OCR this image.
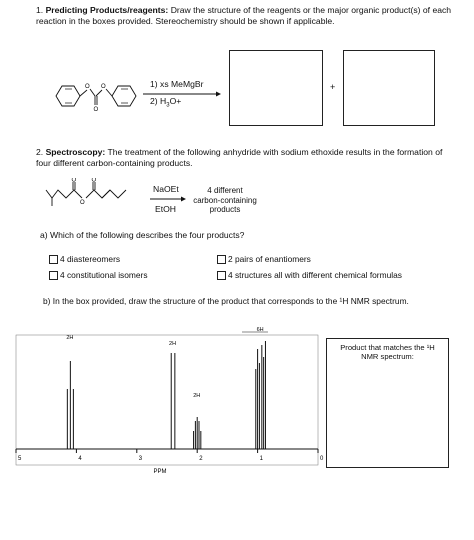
1. Predicting Products/reagents: Draw the structure of the reagents or the major organic product(s) of each reaction in the boxes provided. Stereochemistry should be shown if applicable.
O
O
O	1) xs MeMgBr
2) $H_3O+$
+
2. Spectroscopy: The treatment of the following anhydride with sodium ethoxide results in the formation of four different carbon-containing products.
O
O
O
NaOEt
EtOH
4 different
carbon-containing
products
a) Which of the following describes the four products?
4 diastereomers	2 pairs of enantiomers
4 constitutional isomers	4 structures all with different chemical formulas
b) In the box provided, draw the structure of the product that corresponds to the ¹H NMR spectrum.
5	4	3	2	1	0
2H
2H
2H
6H
PPM
Product that matches the ¹H NMR spectrum:
